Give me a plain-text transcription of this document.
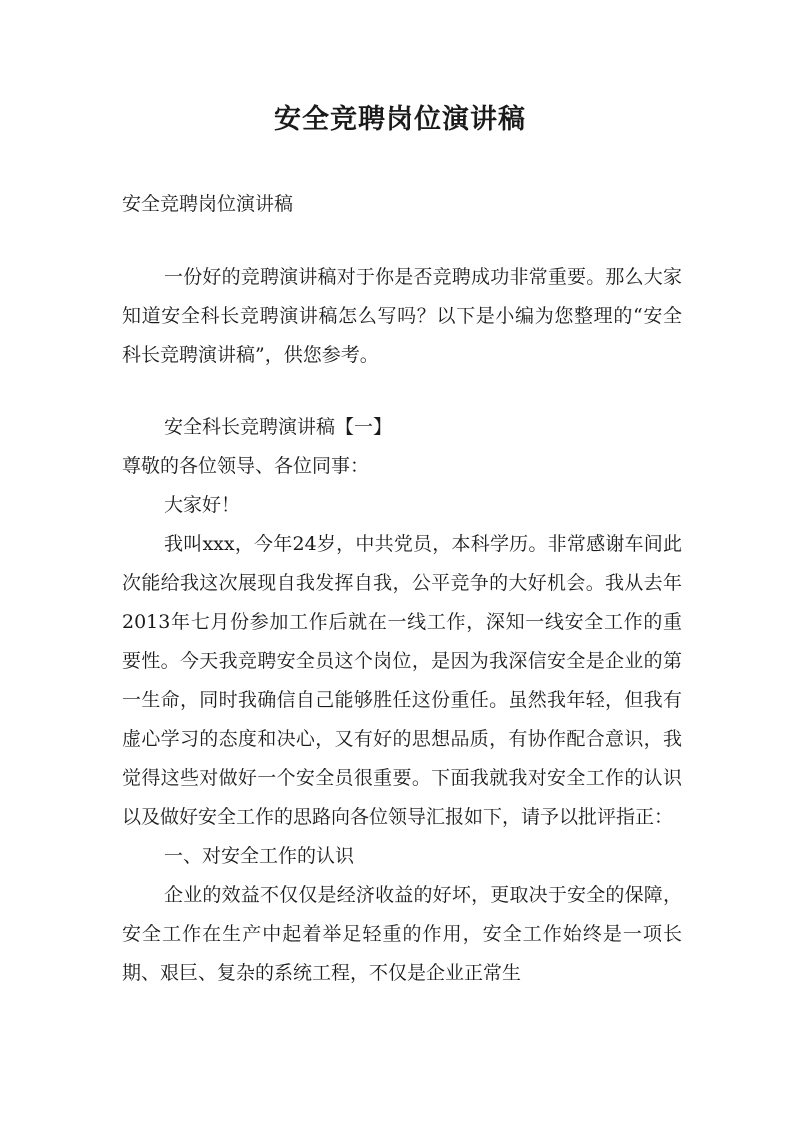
安全竞聘岗位演讲稿

安全竞聘岗位演讲稿

一份好的竞聘演讲稿对于你是否竞聘成功非常重要。那么大家知道安全科长竞聘演讲稿怎么写吗？以下是小编为您整理的“安全科长竞聘演讲稿”，供您参考。

安全科长竞聘演讲稿【一】

尊敬的各位领导、各位同事：

大家好！

我叫xxx，今年24岁，中共党员，本科学历。非常感谢车间此次能给我这次展现自我发挥自我，公平竞争的大好机会。我从去年2013年七月份参加工作后就在一线工作，深知一线安全工作的重要性。今天我竞聘安全员这个岗位，是因为我深信安全是企业的第一生命，同时我确信自己能够胜任这份重任。虽然我年轻，但我有虚心学习的态度和决心，又有好的思想品质，有协作配合意识，我觉得这些对做好一个安全员很重要。下面我就我对安全工作的认识以及做好安全工作的思路向各位领导汇报如下，请予以批评指正：

一、对安全工作的认识

企业的效益不仅仅是经济收益的好坏，更取决于安全的保障，安全工作在生产中起着举足轻重的作用，安全工作始终是一项长期、艰巨、复杂的系统工程，不仅是企业正常生
